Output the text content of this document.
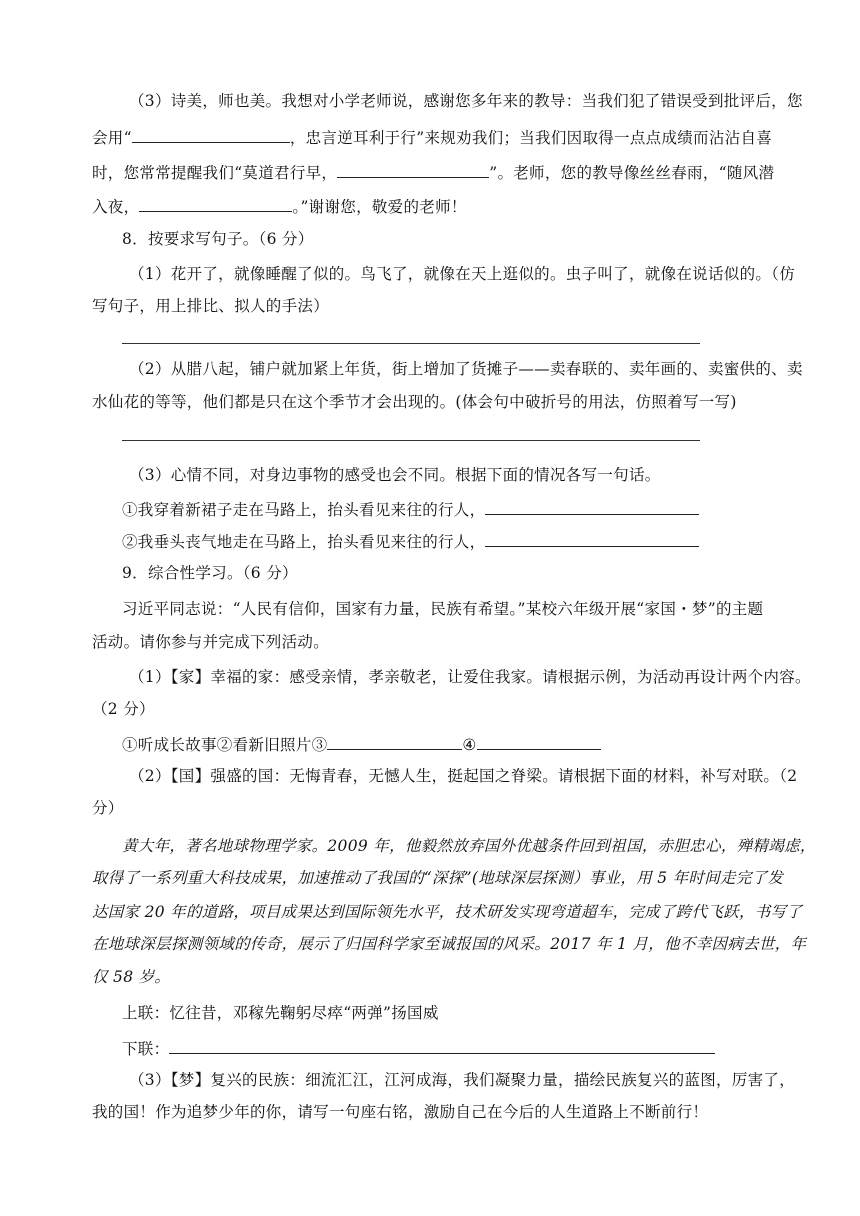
（3）诗美，师也美。我想对小学老师说，感谢您多年来的教导：当我们犯了错误受到批评后，您
会用“	，忠言逆耳利于行”来规劝我们；当我们因取得一点点成绩而沾沾自喜
时，您常常提醒我们“莫道君行早，	”。老师，您的教导像丝丝春雨，“随风潜
入夜，	。”谢谢您，敬爱的老师！
8．按要求写句子。（6 分）
（1）花开了，就像睡醒了似的。鸟飞了，就像在天上逛似的。虫子叫了，就像在说话似的。（仿
写句子，用上排比、拟人的手法）
（2）从腊八起，铺户就加紧上年货，街上增加了货摊子——卖春联的、卖年画的、卖蜜供的、卖
水仙花的等等，他们都是只在这个季节才会出现的。(体会句中破折号的用法，仿照着写一写)
（3）心情不同，对身边事物的感受也会不同。根据下面的情况各写一句话。
①我穿着新裙子走在马路上，抬头看见来往的行人，
②我垂头丧气地走在马路上，抬头看见来往的行人，
9．综合性学习。（6 分）
习近平同志说：“人民有信仰，国家有力量，民族有希望。”某校六年级开展“家国・梦”的主题
活动。请你参与并完成下列活动。
（1）【家】幸福的家：感受亲情，孝亲敬老，让爱住我家。请根据示例，为活动再设计两个内容。
（2 分）
①听成长故事②看新旧照片③	④
（2）【国】强盛的国：无悔青春，无憾人生，挺起国之脊梁。请根据下面的材料，补写对联。（2
分）
黄大年，著名地球物理学家。2009 年，他毅然放弃国外优越条件回到祖国，赤胆忠心，殚精竭虑，
取得了一系列重大科技成果，加速推动了我国的“深探”(地球深层探测）事业，用 5 年时间走完了发
达国家 20 年的道路，项目成果达到国际领先水平，技术研发实现弯道超车，完成了跨代飞跃，书写了
在地球深层探测领域的传奇，展示了归国科学家至诚报国的风采。2017 年 1 月，他不幸因病去世，年
仅 58 岁。
上联：忆往昔，邓稼先鞠躬尽瘁“两弹”扬国威
下联：
（3）【梦】复兴的民族：细流汇江，江河成海，我们凝聚力量，描绘民族复兴的蓝图，厉害了，
我的国！作为追梦少年的你，请写一句座右铭，激励自己在今后的人生道路上不断前行！
